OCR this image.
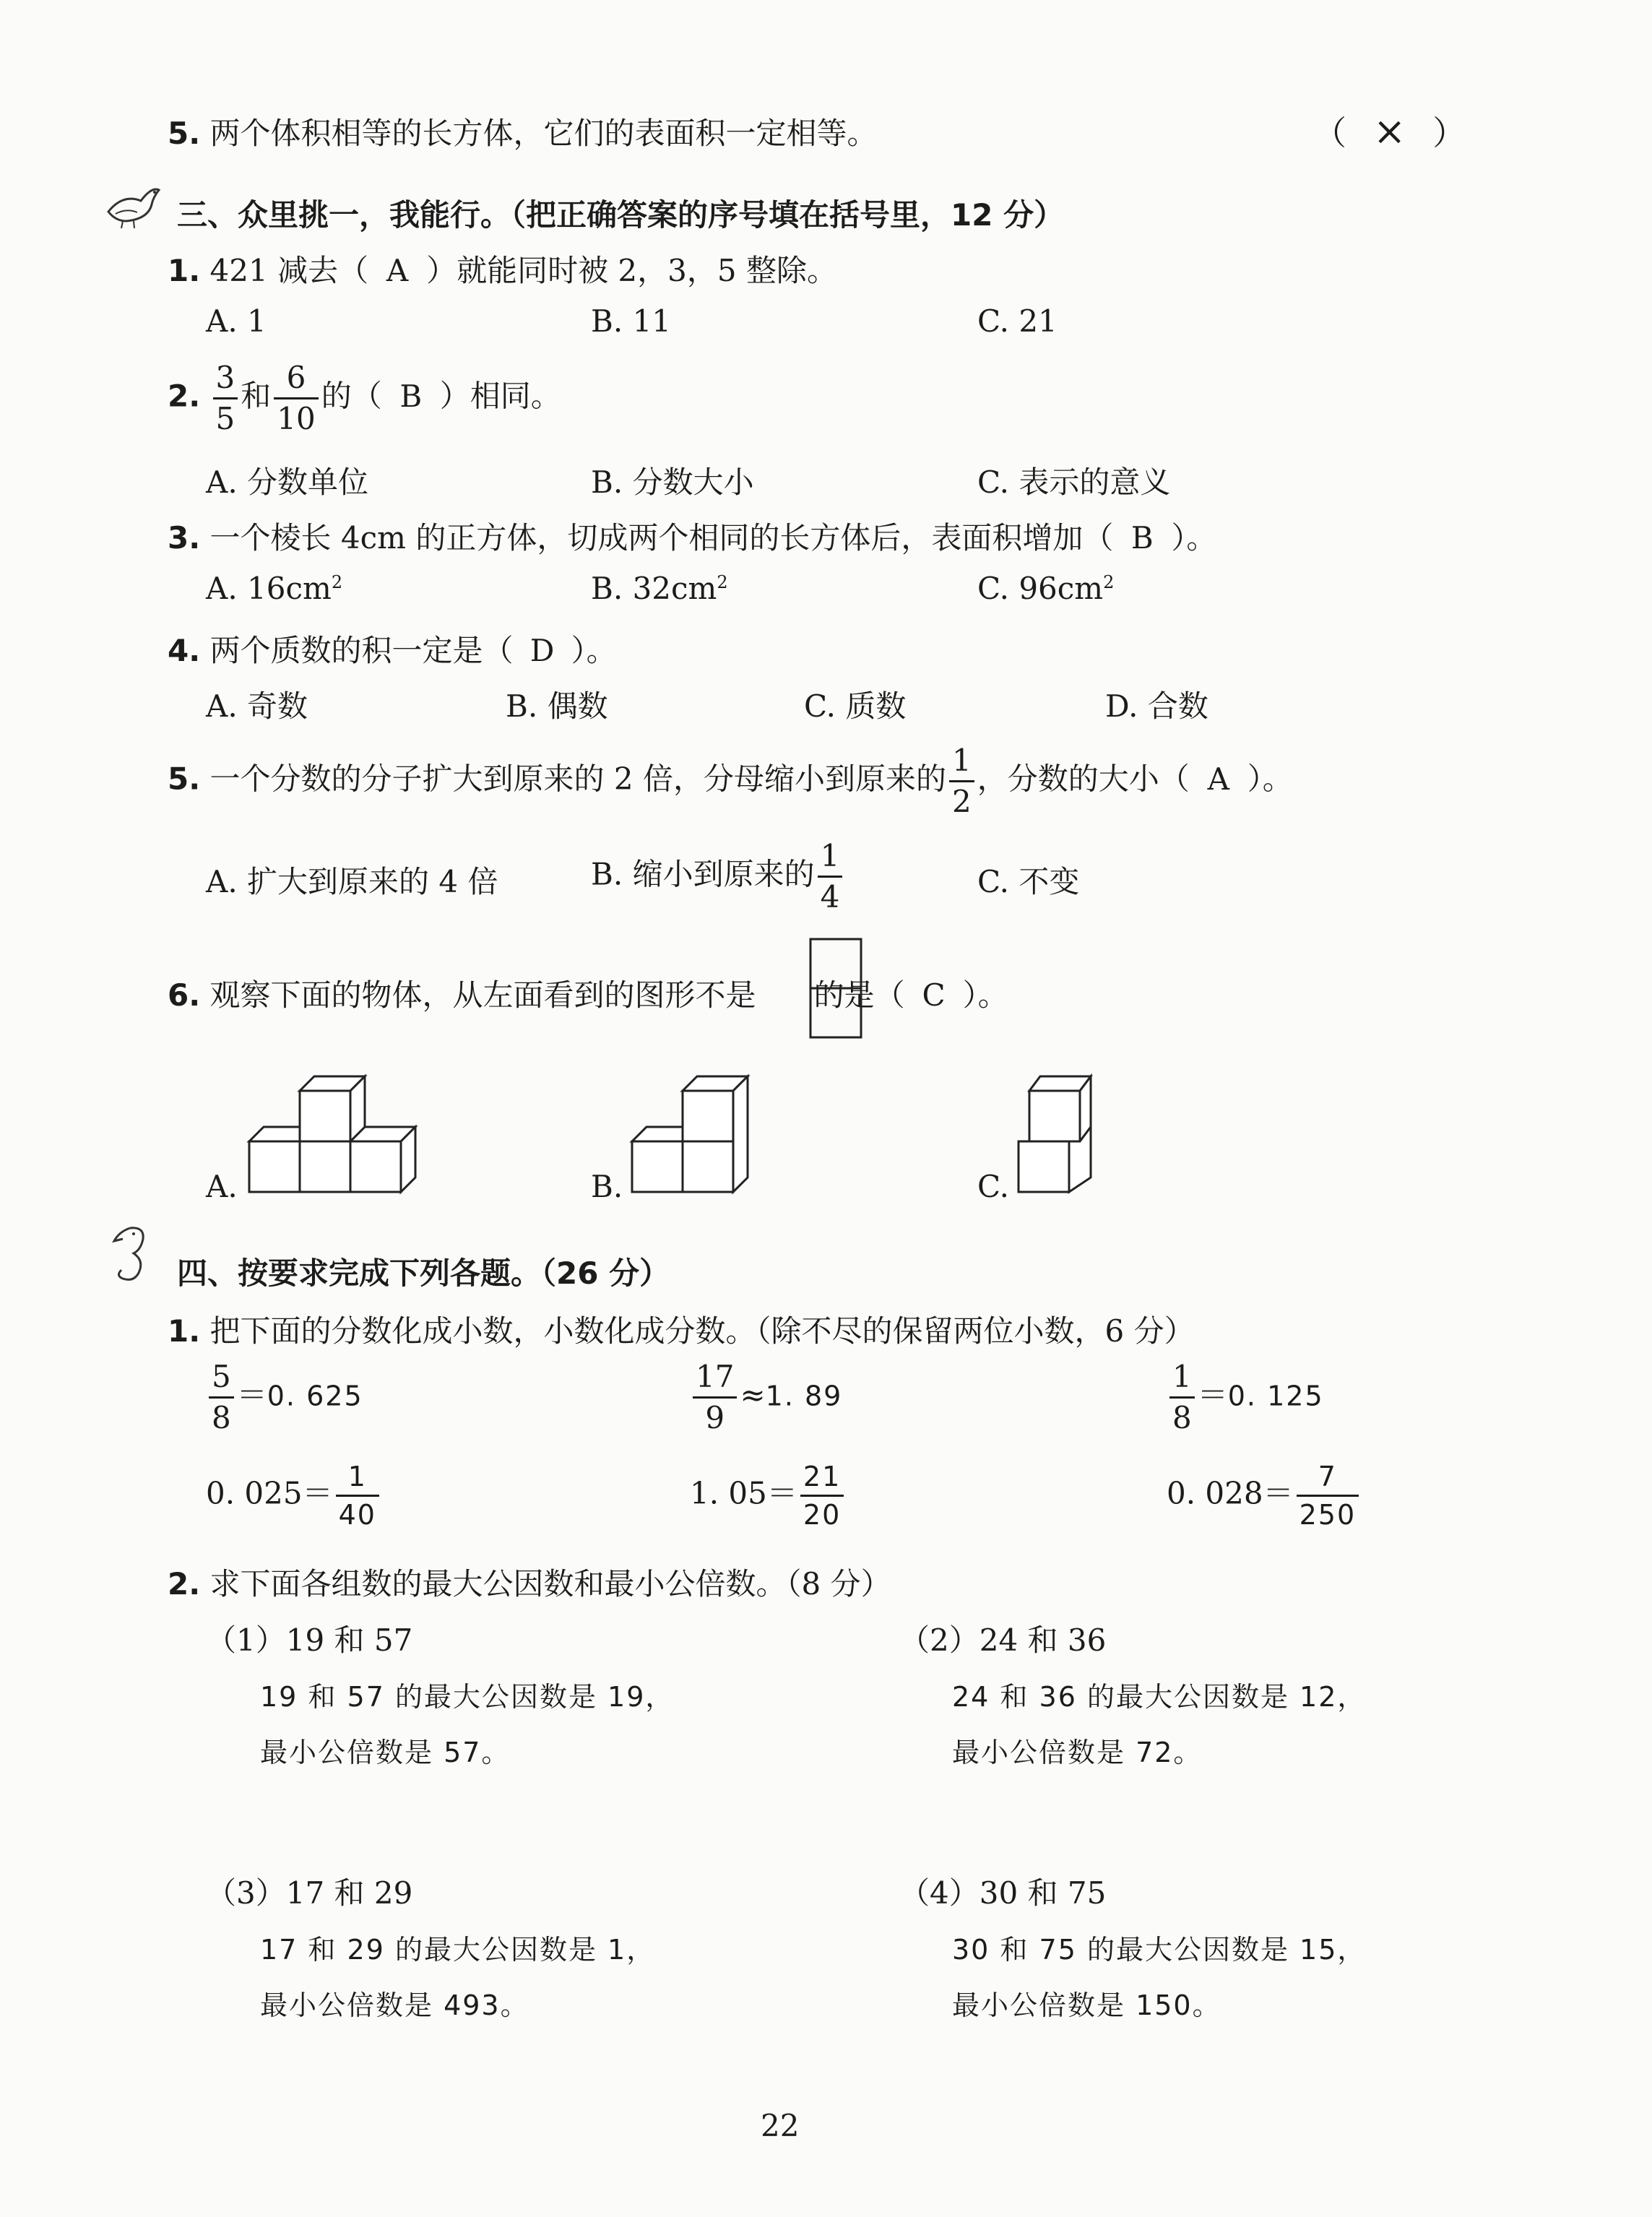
5. 两个体积相等的长方体，它们的表面积一定相等。	（ × ）
三、众里挑一，我能行。（把正确答案的序号填在括号里，12 分）
1. 421 减去（ A ）就能同时被 2，3，5 整除。
A. 1	B. 11	C. 21
2. $\frac{3}{5}$ 和 $\frac{6}{10}$ 的（ B ）相同。
A. 分数单位	B. 分数大小	C. 表示的意义
3. 一个棱长 4cm 的正方体，切成两个相同的长方体后，表面积增加（ B ）。
A. $16cm^2$	B. $32cm^2$	C. $96cm^2$
4. 两个质数的积一定是（ D ）。
A. 奇数	B. 偶数	C. 质数	D. 合数
5. 一个分数的分子扩大到原来的 2 倍，分母缩小到原来的 $\frac{1}{2}$ ，分数的大小（ A ）。
A. 扩大到原来的 4 倍	B. 缩小到原来的 $\frac{1}{4}$	C. 不变
6. 观察下面的物体，从左面看到的图形不是 的是（ C ）。
A.	B.	C.
四、按要求完成下列各题。（26 分）
1. 把下面的分数化成小数，小数化成分数。（除不尽的保留两位小数，6 分）
$\frac{5}{8} =0$. 625	$\frac{17}{9} \approx 1$. 89	$\frac{1}{8} =0$. 125
0. $025= \frac{1}{40}$	1. $05= \frac{21}{20}$	0. $028= \frac{7}{250}$
2. 求下面各组数的最大公因数和最小公倍数。（8 分）
（1）19 和 57
19 和 57 的最大公因数是 19，
最小公倍数是 57。
（2）24 和 36
24 和 36 的最大公因数是 12，
最小公倍数是 72。
（3）17 和 29
17 和 29 的最大公因数是 1，
最小公倍数是 493。
（4）30 和 75
30 和 75 的最大公因数是 15，
最小公倍数是 150。
22
